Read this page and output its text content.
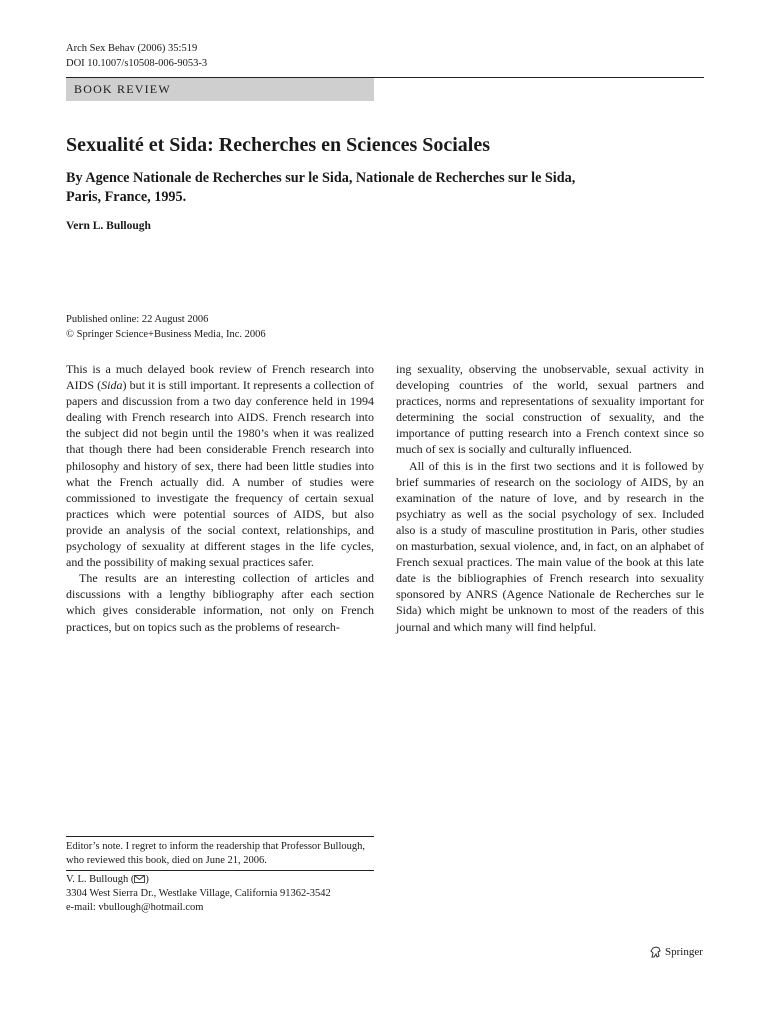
Arch Sex Behav (2006) 35:519
DOI 10.1007/s10508-006-9053-3
BOOK REVIEW
Sexualité et Sida: Recherches en Sciences Sociales
By Agence Nationale de Recherches sur le Sida, Nationale de Recherches sur le Sida,
Paris, France, 1995.
Vern L. Bullough
Published online: 22 August 2006
© Springer Science+Business Media, Inc. 2006

This is a much delayed book review of French research into AIDS (Sida) but it is still important. It represents a collection of papers and discussion from a two day conference held in 1994 dealing with French research into AIDS. French research into the subject did not begin until the 1980’s when it was realized that though there had been considerable French research into philosophy and history of sex, there had been little studies into what the French actually did. A number of studies were commissioned to investigate the frequency of certain sexual practices which were potential sources of AIDS, but also provide an analysis of the social context, relationships, and psychology of sexuality at different stages in the life cycles, and the possibility of making sexual practices safer.

The results are an interesting collection of articles and discussions with a lengthy bibliography after each section which gives considerable information, not only on French practices, but on topics such as the problems of research-

ing sexuality, observing the unobservable, sexual activity in developing countries of the world, sexual partners and practices, norms and representations of sexuality important for determining the social construction of sexuality, and the importance of putting research into a French context since so much of sex is socially and culturally influenced.

All of this is in the first two sections and it is followed by brief summaries of research on the sociology of AIDS, by an examination of the nature of love, and by research in the psychiatry as well as the social psychology of sex. Included also is a study of masculine prostitution in Paris, other studies on masturbation, sexual violence, and, in fact, on an alphabet of French sexual practices. The main value of the book at this late date is the bibliographies of French research into sexuality sponsored by ANRS (Agence Nationale de Recherches sur le Sida) which might be unknown to most of the readers of this journal and which many will find helpful.

Editor’s note. I regret to inform the readership that Professor Bullough, who reviewed this book, died on June 21, 2006.
V. L. Bullough ( )
3304 West Sierra Dr., Westlake Village, California 91362-3542
e-mail: vbullough@hotmail.com
Springer
